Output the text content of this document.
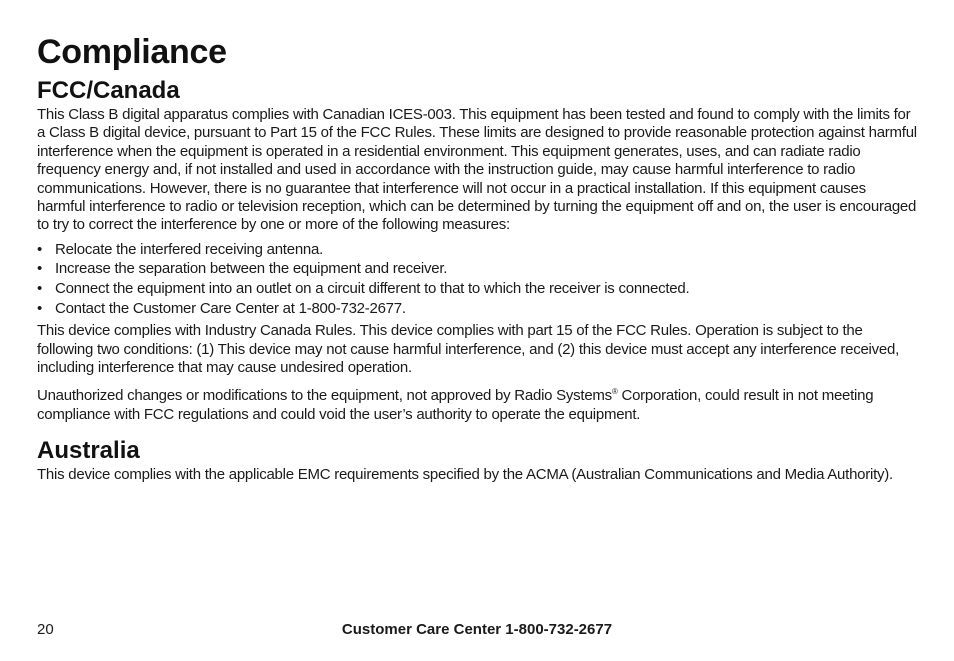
Compliance
FCC/Canada

This Class B digital apparatus complies with Canadian ICES-003. This equipment has been tested and found to comply with the limits for a Class B digital device, pursuant to Part 15 of the FCC Rules. These limits are designed to provide reasonable protection against harmful interference when the equipment is operated in a residential environment. This equipment generates, uses, and can radiate radio frequency energy and, if not installed and used in accordance with the instruction guide, may cause harmful interference to radio communications. However, there is no guarantee that interference will not occur in a practical installation. If this equipment causes harmful interference to radio or television reception, which can be determined by turning the equipment off and on, the user is encouraged to try to correct the interference by one or more of the following measures:

• Relocate the interfered receiving antenna.
• Increase the separation between the equipment and receiver.
• Connect the equipment into an outlet on a circuit different to that to which the receiver is connected.
• Contact the Customer Care Center at 1-800-732-2677.

This device complies with Industry Canada Rules. This device complies with part 15 of the FCC Rules. Operation is subject to the following two conditions: (1) This device may not cause harmful interference, and (2) this device must accept any interference received, including interference that may cause undesired operation.

Unauthorized changes or modifications to the equipment, not approved by Radio Systems® Corporation, could result in not meeting compliance with FCC regulations and could void the user’s authority to operate the equipment.

Australia

This device complies with the applicable EMC requirements specified by the ACMA (Australian Communications and Media Authority).

20	Customer Care Center 1-800-732-2677
